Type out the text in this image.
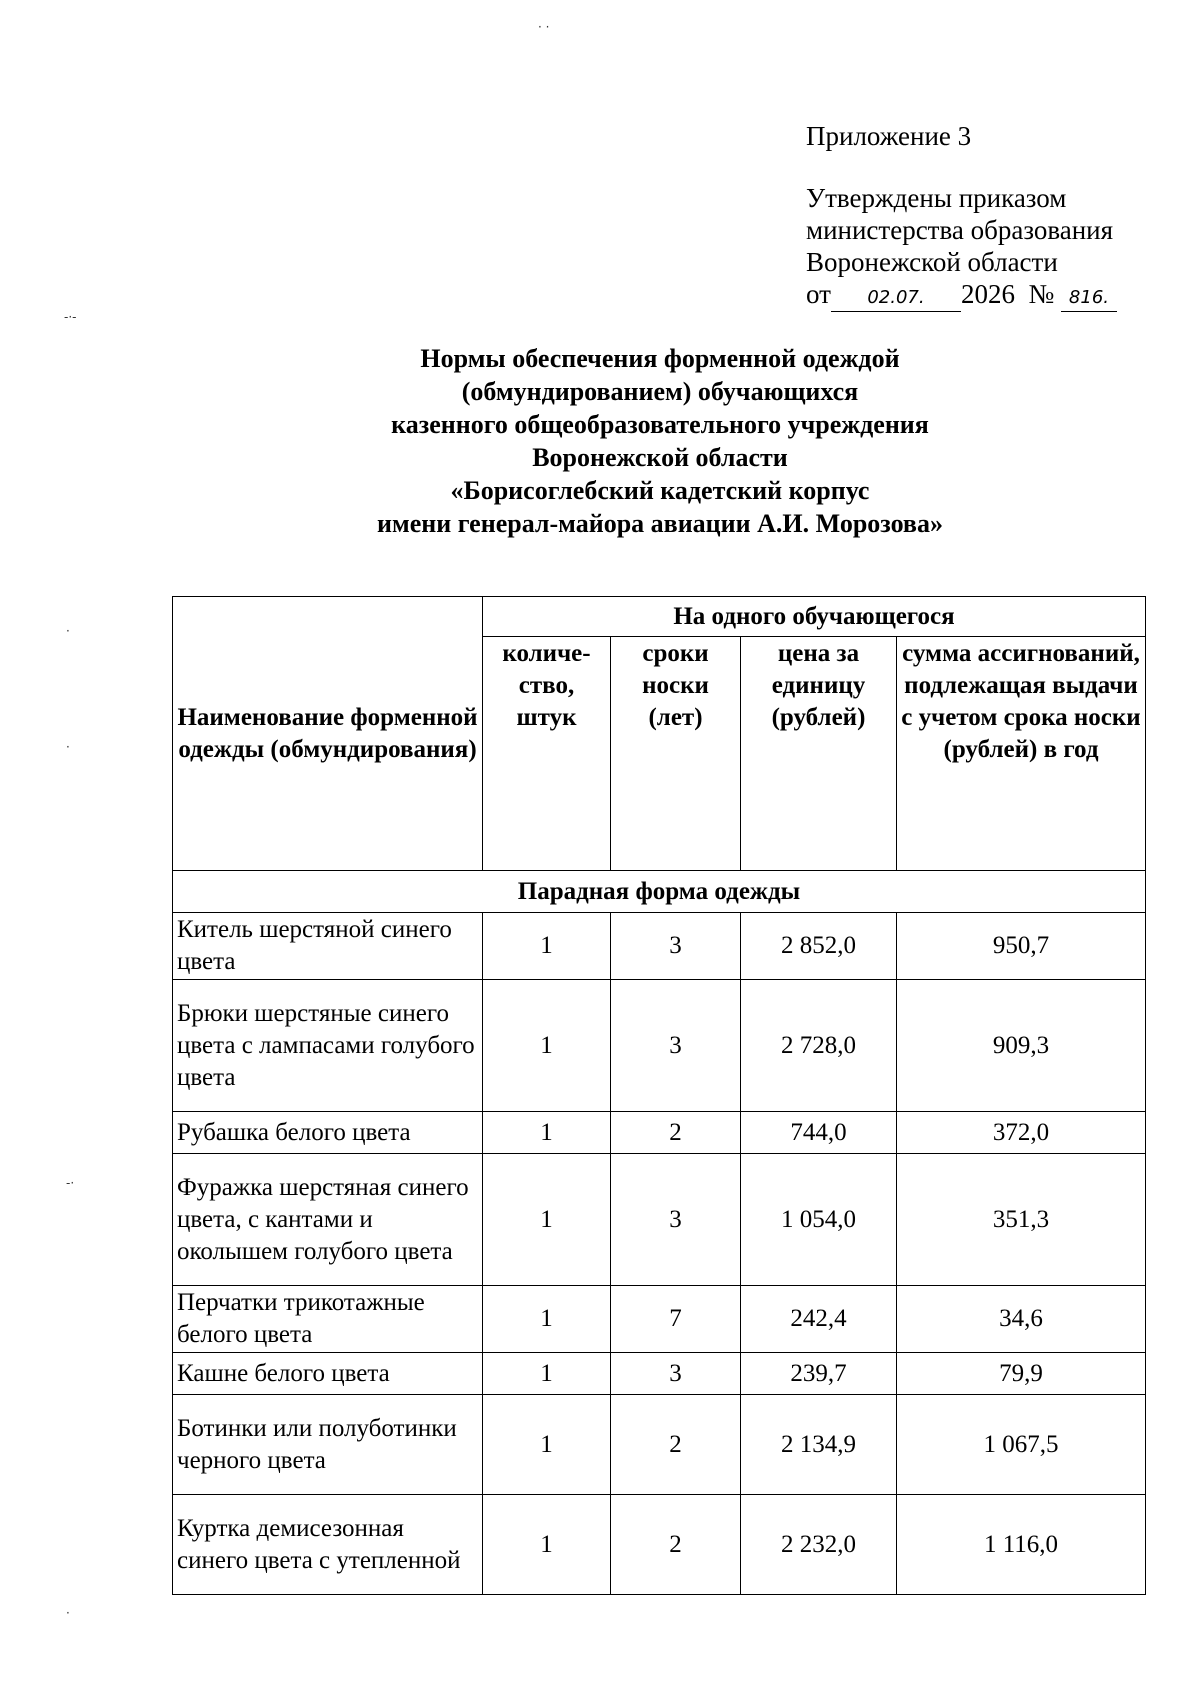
· ·
-·-
·
·
-·
·
Приложение 3
Утверждены приказом
министерства образования
Воронежской области
от 02.07. 2026 № 816.
Нормы обеспечения форменной одеждой
(обмундированием) обучающихся
казенного общеобразовательного учреждения
Воронежской области
«Борисоглебский кадетский корпус
имени генерал-майора авиации А.И. Морозова»
Наименование форменной одежды (обмундирования)	На одного обучающегося			
	количе-ство, штук	сроки носки (лет)	цена за единицу (рублей)	сумма ассигнований, подлежащая выдачи с учетом срока носки (рублей) в год
Парадная форма одежды				
Китель шерстяной синего цвета	1	3	2 852,0	950,7
Брюки шерстяные синего цвета с лампасами голубого цвета	1	3	2 728,0	909,3
Рубашка белого цвета	1	2	744,0	372,0
Фуражка шерстяная синего цвета, с кантами и околышем голубого цвета	1	3	1 054,0	351,3
Перчатки трикотажные белого цвета	1	7	242,4	34,6
Кашне белого цвета	1	3	239,7	79,9
Ботинки или полуботинки черного цвета	1	2	2 134,9	1 067,5
Куртка демисезонная синего цвета с утепленной	1	2	2 232,0	1 116,0
